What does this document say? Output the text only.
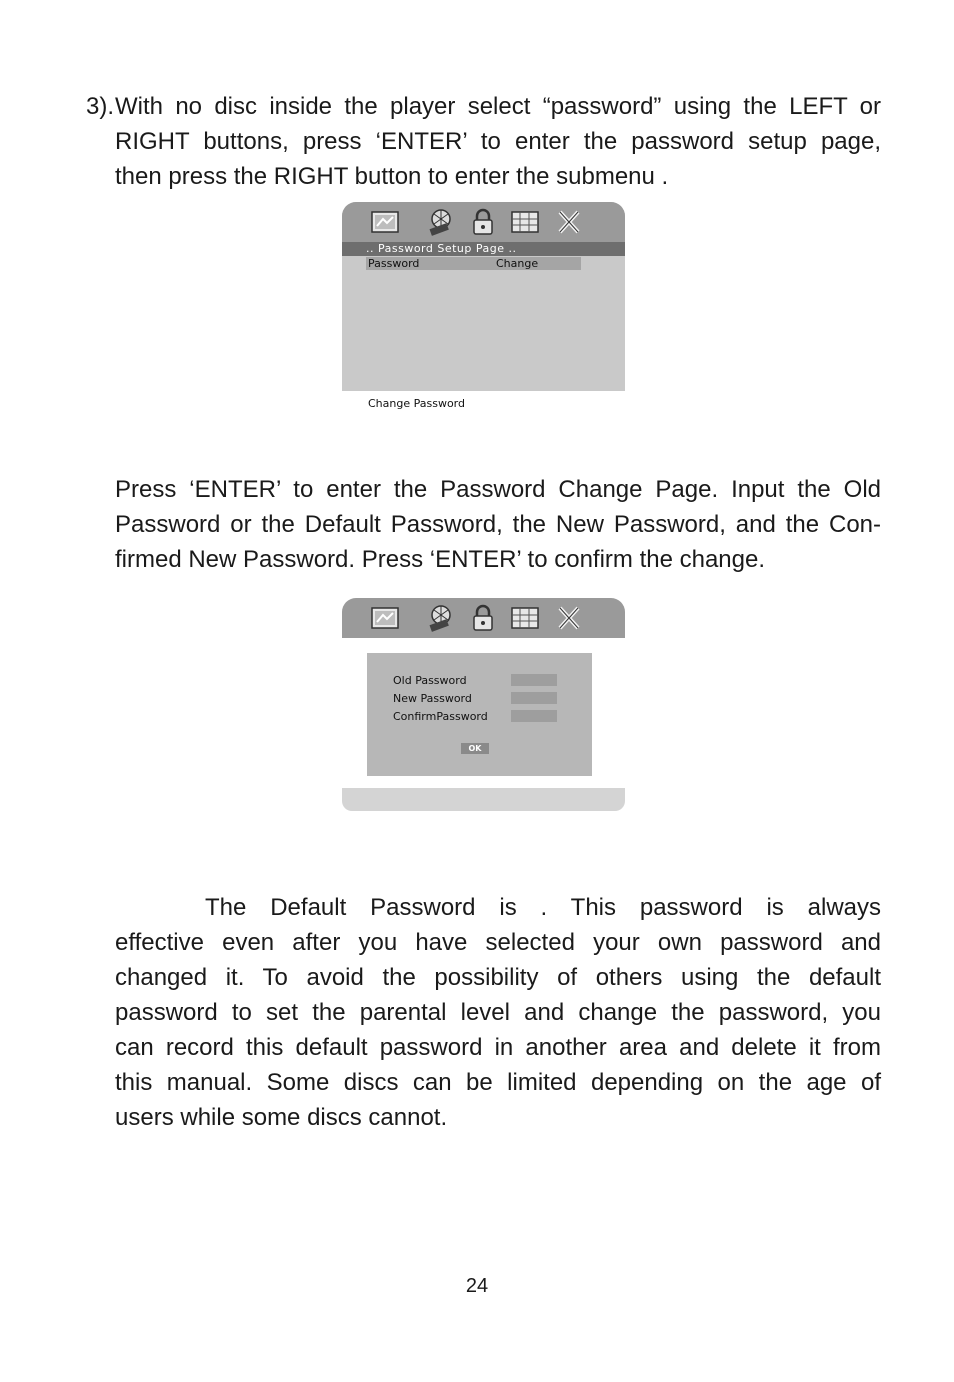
3). With no disc inside the player select “password” using the LEFT or
RIGHT buttons, press ‘ENTER’ to enter the password setup page,
then press the RIGHT button to enter the submenu .
.. Password Setup Page ..
Password	Change
Change Password
Press ‘ENTER’ to enter the Password Change Page. Input the Old
Password or the Default Password, the New Password, and the Con-
firmed New Password. Press ‘ENTER’ to confirm the change.
Old Password
New Password
ConfirmPassword
OK
The Default Password is . This password is always
effective even after you have selected your own password and
changed it. To avoid the possibility of others using the default
password to set the parental level and change the password, you
can record this default password in another area and delete it from
this manual. Some discs can be limited depending on the age of
users while some discs cannot.
24
